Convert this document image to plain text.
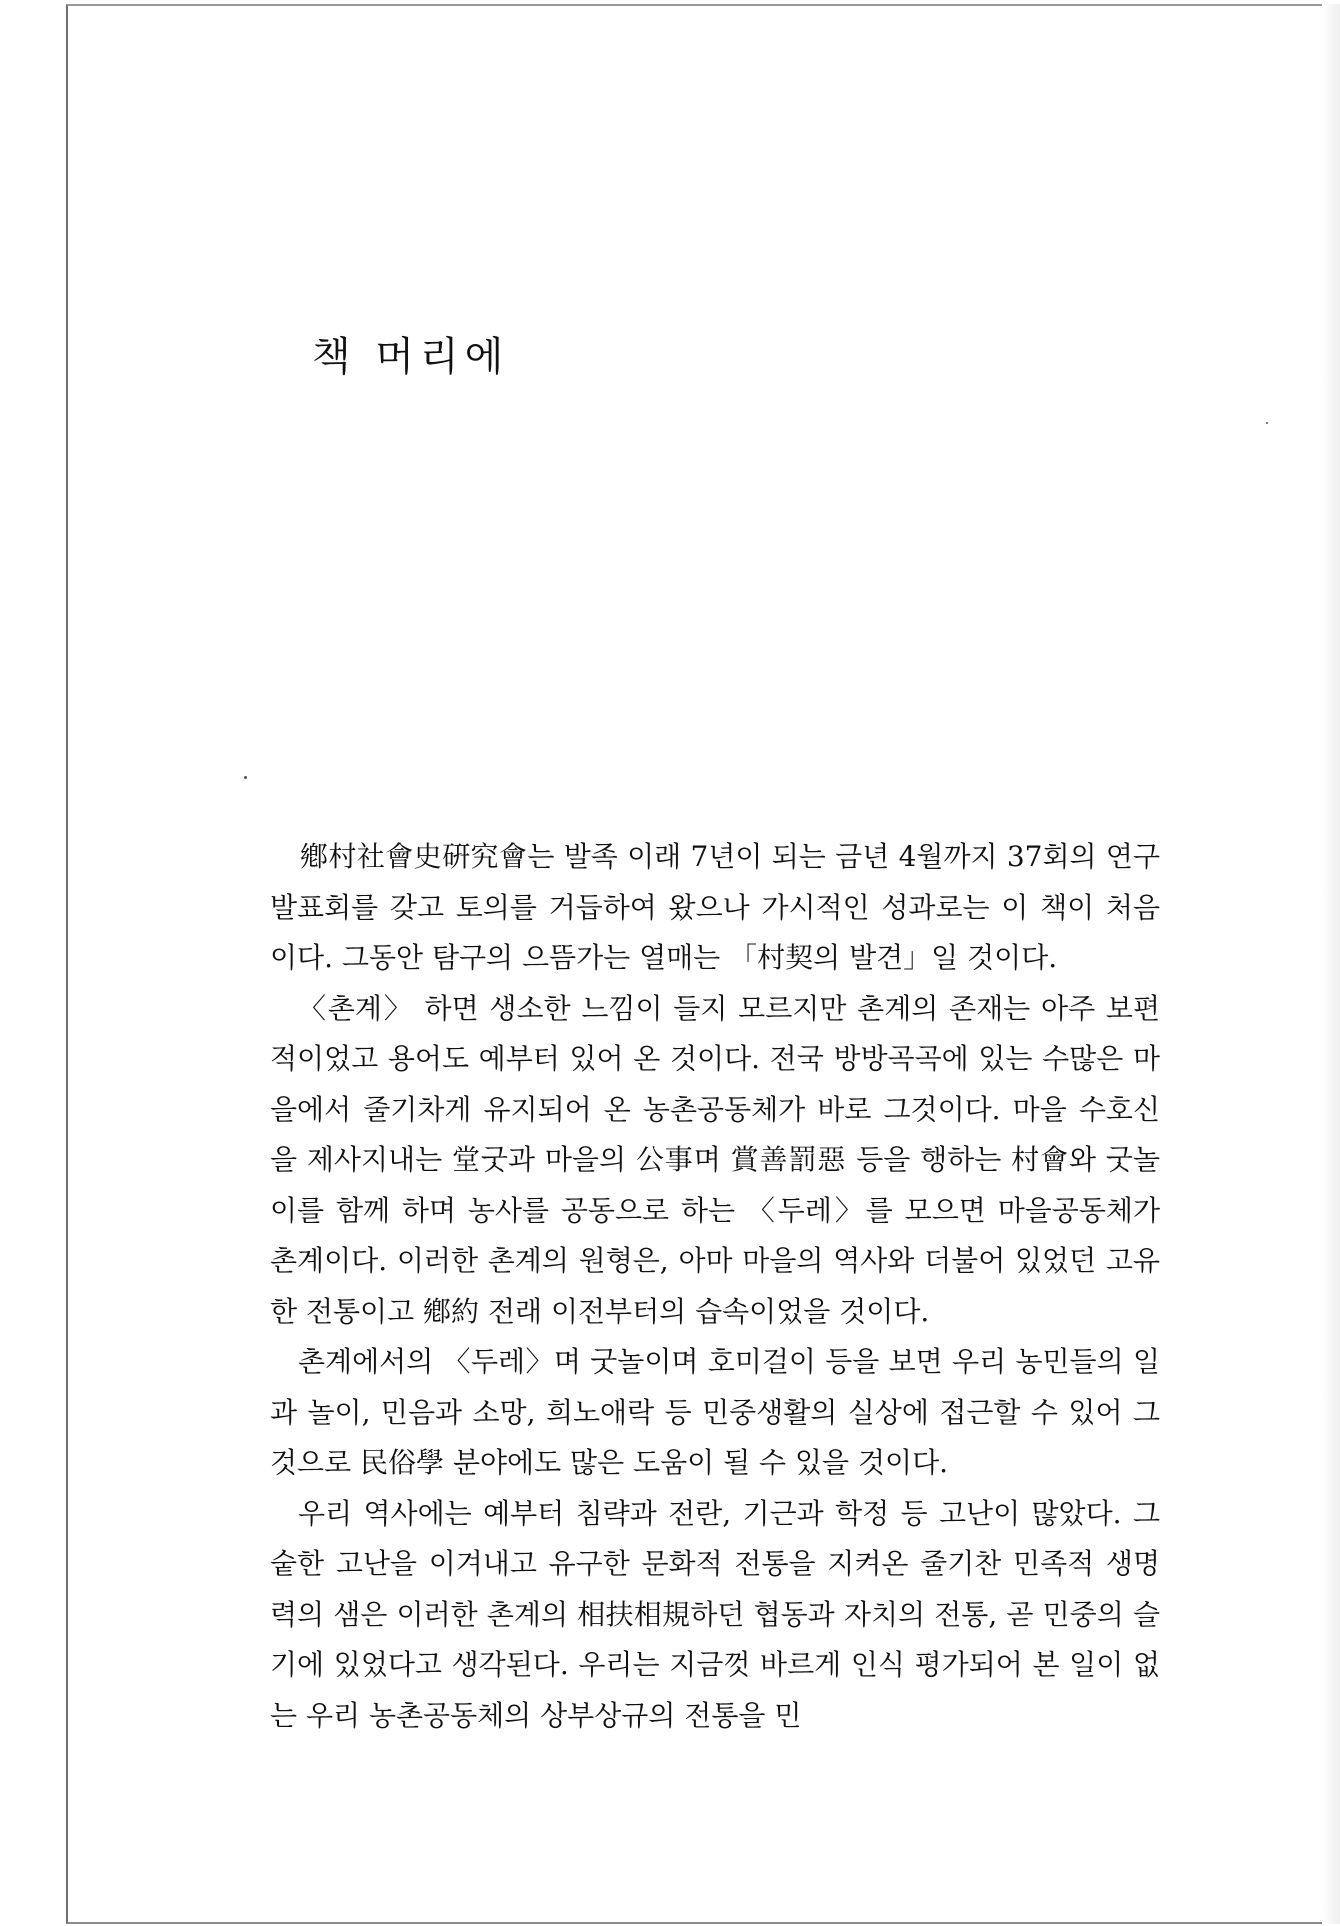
책 머리에

鄕村社會史硏究會는 발족 이래 7년이 되는 금년 4월까지 37회의 연구발표회를 갖고 토의를 거듭하여 왔으나 가시적인 성과로는 이 책이 처음이다. 그동안 탐구의 으뜸가는 열매는 「村契의 발견」일 것이다.

〈촌계〉 하면 생소한 느낌이 들지 모르지만 촌계의 존재는 아주 보편적이었고 용어도 예부터 있어 온 것이다. 전국 방방곡곡에 있는 수많은 마을에서 줄기차게 유지되어 온 농촌공동체가 바로 그것이다. 마을 수호신을 제사지내는 堂굿과 마을의 公事며 賞善罰惡 등을 행하는 村會와 굿놀이를 함께 하며 농사를 공동으로 하는 〈두레〉를 모으면 마을공동체가 촌계이다. 이러한 촌계의 원형은, 아마 마을의 역사와 더불어 있었던 고유한 전통이고 鄕約 전래 이전부터의 습속이었을 것이다.

촌계에서의 〈두레〉며 굿놀이며 호미걸이 등을 보면 우리 농민들의 일과 놀이, 민음과 소망, 희노애락 등 민중생활의 실상에 접근할 수 있어 그것으로 民俗學 분야에도 많은 도움이 될 수 있을 것이다.

우리 역사에는 예부터 침략과 전란, 기근과 학정 등 고난이 많았다. 그 숱한 고난을 이겨내고 유구한 문화적 전통을 지켜온 줄기찬 민족적 생명력의 샘은 이러한 촌계의 相扶相規하던 협동과 자치의 전통, 곧 민중의 슬기에 있었다고 생각된다. 우리는 지금껏 바르게 인식 평가되어 본 일이 없는 우리 농촌공동체의 상부상규의 전통을 민
